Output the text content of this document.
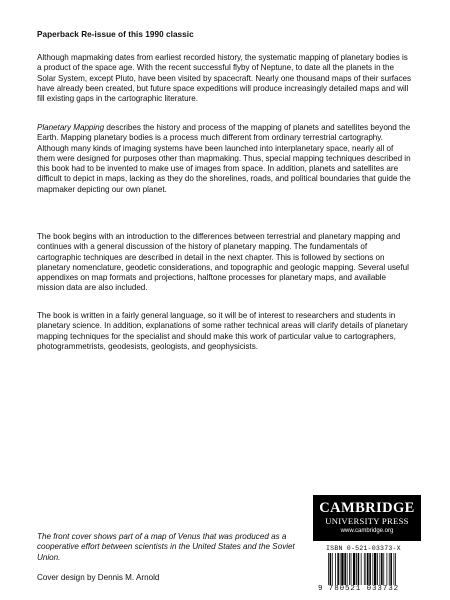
Paperback Re-issue of this 1990 classic

Although mapmaking dates from earliest recorded history, the systematic mapping of planetary bodies is a product of the space age. With the recent successful flyby of Neptune, to date all the planets in the Solar System, except Pluto, have been visited by spacecraft. Nearly one thousand maps of their surfaces have already been created, but future space expeditions will produce increasingly detailed maps and will fill existing gaps in the cartographic literature.

Planetary Mapping describes the history and process of the mapping of planets and satellites beyond the Earth. Mapping planetary bodies is a process much different from ordinary terrestrial cartography. Although many kinds of imaging systems have been launched into interplanetary space, nearly all of them were designed for purposes other than mapmaking. Thus, special mapping techniques described in this book had to be invented to make use of images from space. In addition, planets and satellites are difficult to depict in maps, lacking as they do the shorelines, roads, and political boundaries that guide the mapmaker depicting our own planet.

The book begins with an introduction to the differences between terrestrial and planetary mapping and continues with a general discussion of the history of planetary mapping. The fundamentals of cartographic techniques are described in detail in the next chapter. This is followed by sections on planetary nomenclature, geodetic considerations, and topographic and geologic mapping. Several useful appendixes on map formats and projections, halftone processes for planetary maps, and available mission data are also included.

The book is written in a fairly general language, so it will be of interest to researchers and students in planetary science. In addition, explanations of some rather technical areas will clarify details of planetary mapping techniques for the specialist and should make this work of particular value to cartographers, photogrammetrists, geodesists, geologists, and geophysicists.

The front cover shows part of a map of Venus that was produced as a cooperative effort between scientists in the United States and the Soviet Union.

Cover design by Dennis M. Arnold
CAMBRIDGE
UNIVERSITY PRESS
www.cambridge.org
ISBN 0-521-03373-X
9 780521 033732
